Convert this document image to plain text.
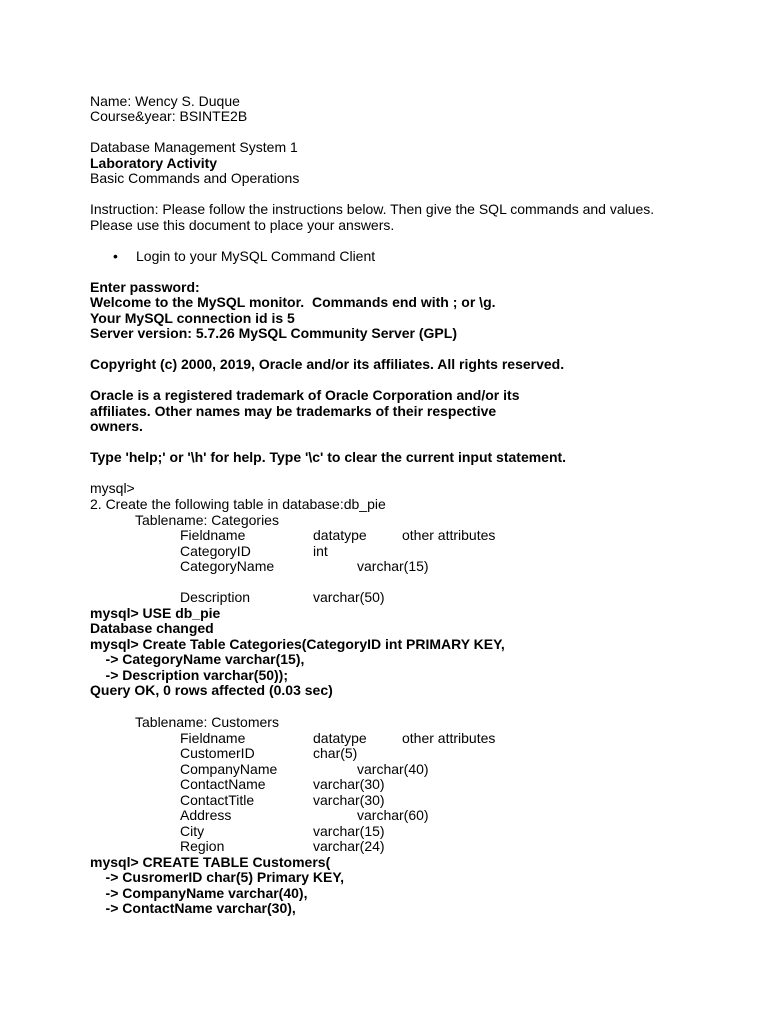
Name: Wency S. Duque
Course&year: BSINTE2B
Database Management System 1
Laboratory Activity
Basic Commands and Operations
Instruction: Please follow the instructions below. Then give the SQL commands and values.
Please use this document to place your answers.
• Login to your MySQL Command Client
Enter password:
Welcome to the MySQL monitor.  Commands end with ; or \g.
Your MySQL connection id is 5
Server version: 5.7.26 MySQL Community Server (GPL)
Copyright (c) 2000, 2019, Oracle and/or its affiliates. All rights reserved.
Oracle is a registered trademark of Oracle Corporation and/or its
affiliates. Other names may be trademarks of their respective
owners.
Type 'help;' or '\h' for help. Type '\c' to clear the current input statement.
mysql>
2. Create the following table in database:db_pie
Tablename: Categories
Fieldname	datatype	other attributes
CategoryID	int
CategoryName	varchar(15)
Description	varchar(50)
mysql> USE db_pie
Database changed
mysql> Create Table Categories(CategoryID int PRIMARY KEY,
-> CategoryName varchar(15),
-> Description varchar(50));
Query OK, 0 rows affected (0.03 sec)
Tablename: Customers
Fieldname	datatype	other attributes
CustomerID	char(5)
CompanyName	varchar(40)
ContactName	varchar(30)
ContactTitle	varchar(30)
Address	varchar(60)
City	varchar(15)
Region	varchar(24)
mysql> CREATE TABLE Customers(
-> CusromerID char(5) Primary KEY,
-> CompanyName varchar(40),
-> ContactName varchar(30),
